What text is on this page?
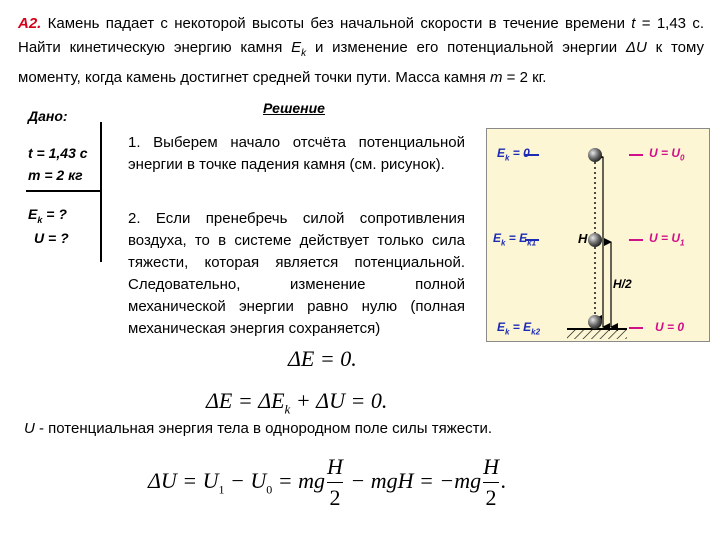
А2. Камень падает с некоторой высоты без начальной скорости в течение времени t = 1,43 с. Найти кинетическую энергию камня $E_k$ и изменение его потенциальной энергии ΔU к тому моменту, когда камень достигнет средней точки пути. Масса камня m = 2 кг.
Дано:
t = 1,43 с
m = 2 кг
$E_k$ = ?
U = ?
Решение
1. Выберем начало отсчёта потенциальной энергии в точке падения камня (см. рисунок).
2. Если пренебречь силой сопротивления воздуха, то в системе действует только сила тяжести, которая является потенциальной. Следовательно, изменение полной механической энергии равно нулю (полная механическая энергия сохраняется)
$E_k = 0$
$E_k = E_{k1}$
$E_k = E_{k2}$
$U = U_0$
$U = U_1$
U = 0
H
H/2
ΔE = 0.
$\Delta E = \Delta E_k + \Delta U = 0$.
U - потенциальная энергия тела в однородном поле силы тяжести.
$\Delta U = U_1 - U_0$ = mg $\frac{H}{2}$ − mgH = $-mg \frac{H}{2}$ .
